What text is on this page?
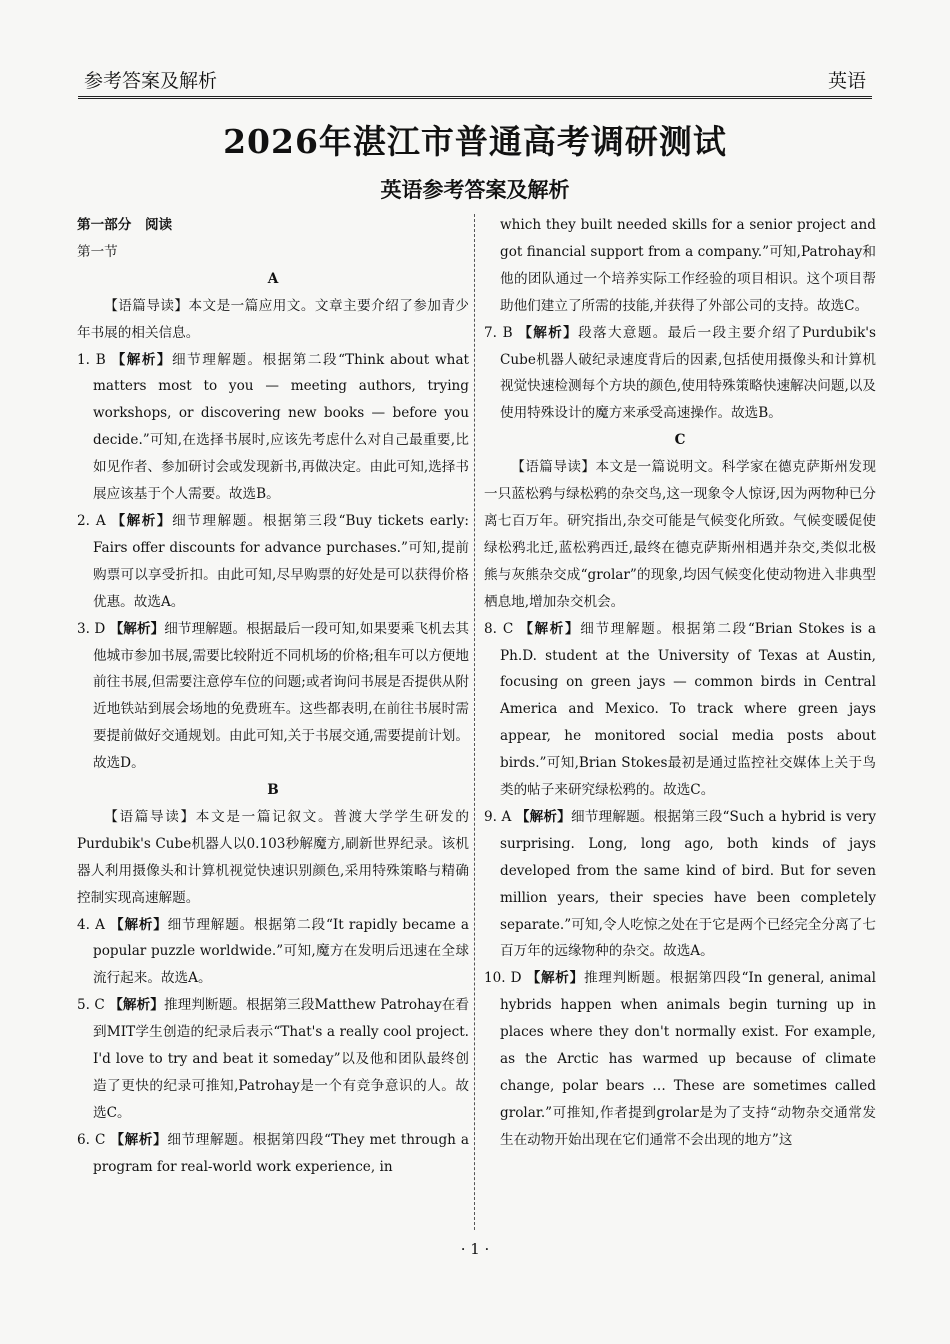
参考答案及解析	英语
2026年湛江市普通高考调研测试
英语参考答案及解析
第一部分　阅读
第一节
A

【语篇导读】本文是一篇应用文。文章主要介绍了参加青少年书展的相关信息。

1. B 【解析】细节理解题。根据第二段“Think about what matters most to you — meeting authors, trying workshops, or discovering new books — before you decide.”可知,在选择书展时,应该先考虑什么对自己最重要,比如见作者、参加研讨会或发现新书,再做决定。由此可知,选择书展应该基于个人需要。故选B。

2. A 【解析】细节理解题。根据第三段“Buy tickets early: Fairs offer discounts for advance purchases.”可知,提前购票可以享受折扣。由此可知,尽早购票的好处是可以获得价格优惠。故选A。

3. D 【解析】细节理解题。根据最后一段可知,如果要乘飞机去其他城市参加书展,需要比较附近不同机场的价格;租车可以方便地前往书展,但需要注意停车位的问题;或者询问书展是否提供从附近地铁站到展会场地的免费班车。这些都表明,在前往书展时需要提前做好交通规划。由此可知,关于书展交通,需要提前计划。故选D。

B

【语篇导读】本文是一篇记叙文。普渡大学学生研发的Purdubik's Cube机器人以0.103秒解魔方,刷新世界纪录。该机器人利用摄像头和计算机视觉快速识别颜色,采用特殊策略与精确控制实现高速解题。

4. A 【解析】细节理解题。根据第二段“It rapidly became a popular puzzle worldwide.”可知,魔方在发明后迅速在全球流行起来。故选A。

5. C 【解析】推理判断题。根据第三段Matthew Patrohay在看到MIT学生创造的纪录后表示“That's a really cool project. I'd love to try and beat it someday”以及他和团队最终创造了更快的纪录可推知,Patrohay是一个有竞争意识的人。故选C。

6. C 【解析】细节理解题。根据第四段“They met through a program for real-world work experience, in

which they built needed skills for a senior project and got financial support from a company.”可知,Patrohay和他的团队通过一个培养实际工作经验的项目相识。这个项目帮助他们建立了所需的技能,并获得了外部公司的支持。故选C。

7. B 【解析】段落大意题。最后一段主要介绍了Purdubik's Cube机器人破纪录速度背后的因素,包括使用摄像头和计算机视觉快速检测每个方块的颜色,使用特殊策略快速解决问题,以及使用特殊设计的魔方来承受高速操作。故选B。

C

【语篇导读】本文是一篇说明文。科学家在德克萨斯州发现一只蓝松鸦与绿松鸦的杂交鸟,这一现象令人惊讶,因为两物种已分离七百万年。研究指出,杂交可能是气候变化所致。气候变暖促使绿松鸦北迁,蓝松鸦西迁,最终在德克萨斯州相遇并杂交,类似北极熊与灰熊杂交成“grolar”的现象,均因气候变化使动物进入非典型栖息地,增加杂交机会。

8. C 【解析】细节理解题。根据第二段“Brian Stokes is a Ph.D. student at the University of Texas at Austin, focusing on green jays — common birds in Central America and Mexico. To track where green jays appear, he monitored social media posts about birds.”可知,Brian Stokes最初是通过监控社交媒体上关于鸟类的帖子来研究绿松鸦的。故选C。

9. A 【解析】细节理解题。根据第三段“Such a hybrid is very surprising. Long, long ago, both kinds of jays developed from the same kind of bird. But for seven million years, their species have been completely separate.”可知,令人吃惊之处在于它是两个已经完全分离了七百万年的远缘物种的杂交。故选A。

10. D 【解析】推理判断题。根据第四段“In general, animal hybrids happen when animals begin turning up in places where they don't normally exist. For example, as the Arctic has warmed up because of climate change, polar bears … These are sometimes called grolar.”可推知,作者提到grolar是为了支持“动物杂交通常发生在动物开始出现在它们通常不会出现的地方”这

· 1 ·
